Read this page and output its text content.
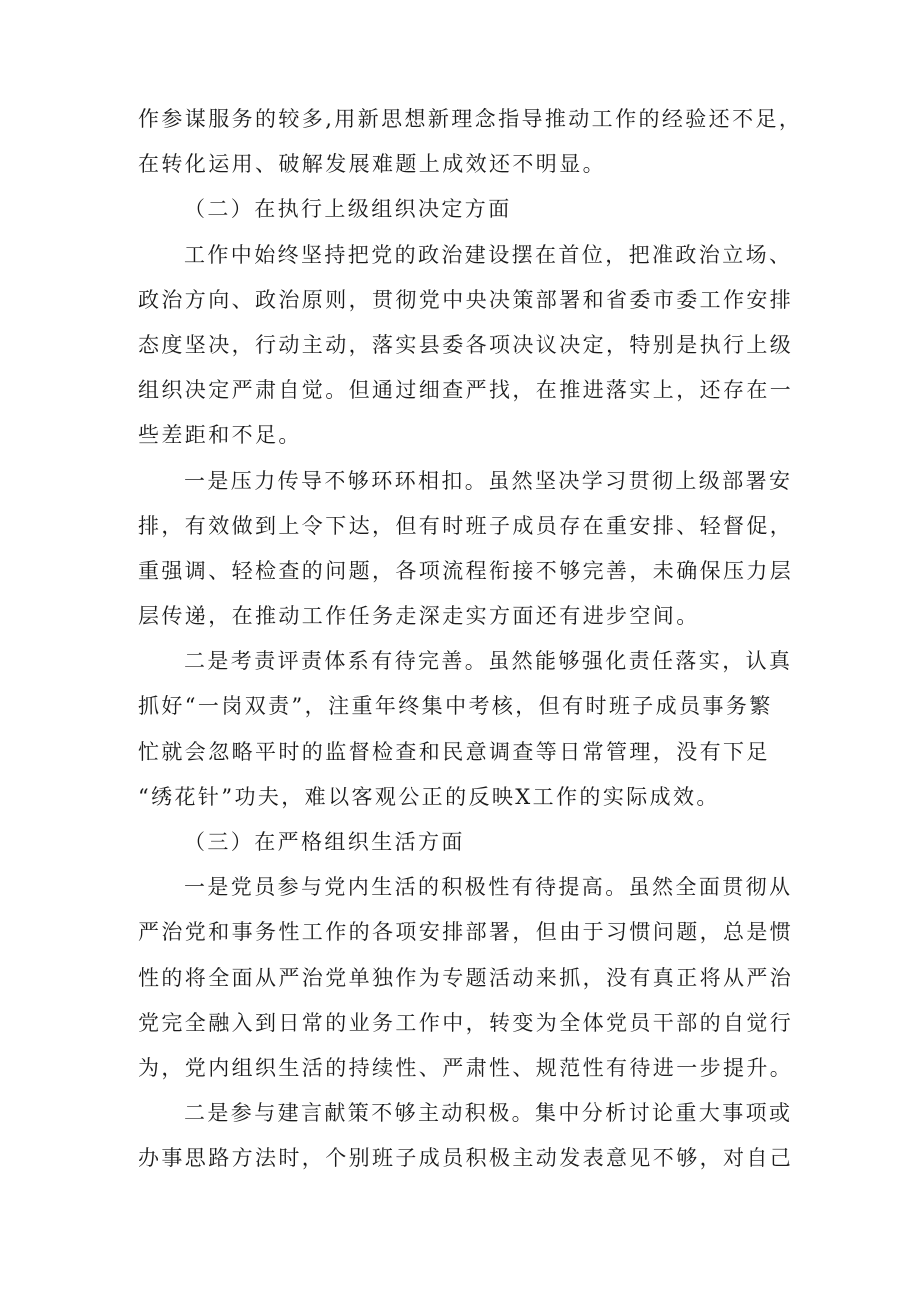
作参谋服务的较多,用新思想新理念指导推动工作的经验还不足，
在转化运用、破解发展难题上成效还不明显。
（二）在执行上级组织决定方面
工作中始终坚持把党的政治建设摆在首位，把准政治立场、
政治方向、政治原则，贯彻党中央决策部署和省委市委工作安排
态度坚决，行动主动，落实县委各项决议决定，特别是执行上级
组织决定严肃自觉。但通过细查严找，在推进落实上，还存在一
些差距和不足。
一是压力传导不够环环相扣。虽然坚决学习贯彻上级部署安
排，有效做到上令下达，但有时班子成员存在重安排、轻督促，
重强调、轻检查的问题，各项流程衔接不够完善，未确保压力层
层传递，在推动工作任务走深走实方面还有进步空间。
二是考责评责体系有待完善。虽然能够强化责任落实，认真
抓好“一岗双责”，注重年终集中考核，但有时班子成员事务繁
忙就会忽略平时的监督检查和民意调查等日常管理，没有下足
“绣花针”功夫，难以客观公正的反映X工作的实际成效。
（三）在严格组织生活方面
一是党员参与党内生活的积极性有待提高。虽然全面贯彻从
严治党和事务性工作的各项安排部署，但由于习惯问题，总是惯
性的将全面从严治党单独作为专题活动来抓，没有真正将从严治
党完全融入到日常的业务工作中，转变为全体党员干部的自觉行
为，党内组织生活的持续性、严肃性、规范性有待进一步提升。
二是参与建言献策不够主动积极。集中分析讨论重大事项或
办事思路方法时，个别班子成员积极主动发表意见不够，对自己
